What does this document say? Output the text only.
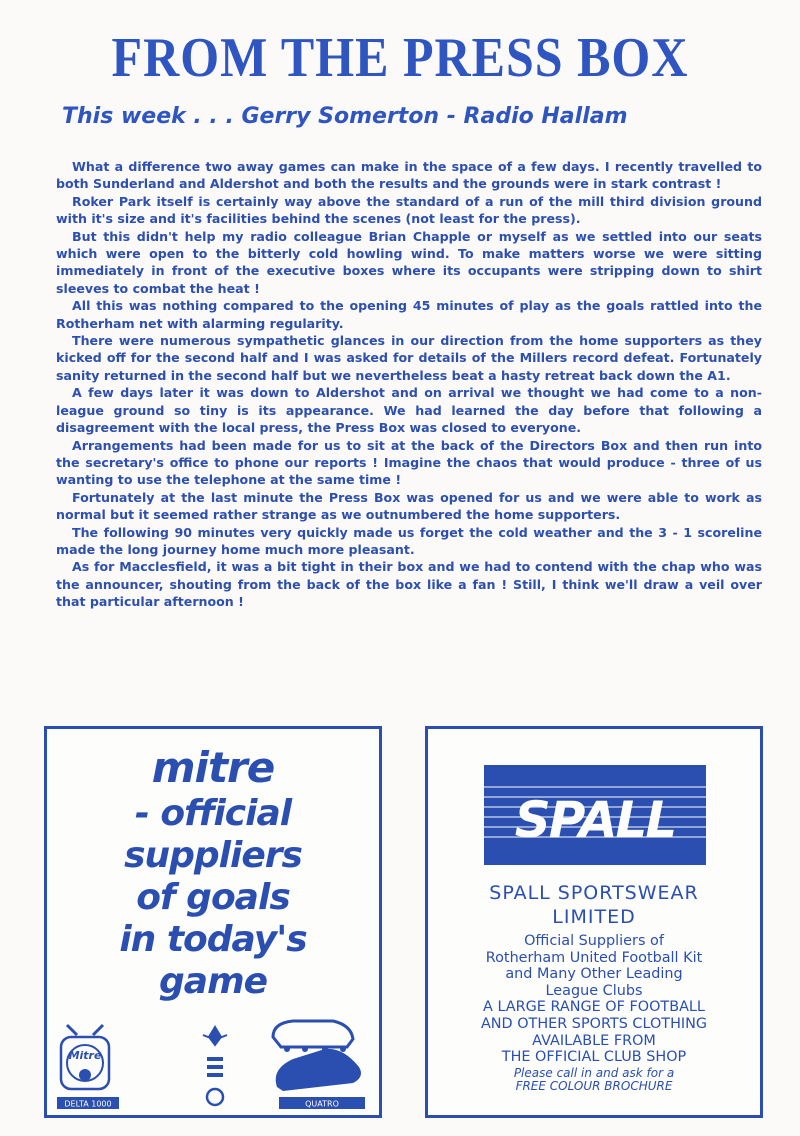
FROM THE PRESS BOX
This week . . . Gerry Somerton - Radio Hallam

What a difference two away games can make in the space of a few days. I recently travelled to both Sunderland and Aldershot and both the results and the grounds were in stark contrast !

Roker Park itself is certainly way above the standard of a run of the mill third division ground with it's size and it's facilities behind the scenes (not least for the press).

But this didn't help my radio colleague Brian Chapple or myself as we settled into our seats which were open to the bitterly cold howling wind. To make matters worse we were sitting immediately in front of the executive boxes where its occupants were stripping down to shirt sleeves to combat the heat !

All this was nothing compared to the opening 45 minutes of play as the goals rattled into the Rotherham net with alarming regularity.

There were numerous sympathetic glances in our direction from the home supporters as they kicked off for the second half and I was asked for details of the Millers record defeat. Fortunately sanity returned in the second half but we nevertheless beat a hasty retreat back down the A1.

A few days later it was down to Aldershot and on arrival we thought we had come to a non-league ground so tiny is its appearance. We had learned the day before that following a disagreement with the local press, the Press Box was closed to everyone.

Arrangements had been made for us to sit at the back of the Directors Box and then run into the secretary's office to phone our reports ! Imagine the chaos that would produce - three of us wanting to use the telephone at the same time !

Fortunately at the last minute the Press Box was opened for us and we were able to work as normal but it seemed rather strange as we outnumbered the home supporters.

The following 90 minutes very quickly made us forget the cold weather and the 3 - 1 scoreline made the long journey home much more pleasant.

As for Macclesfield, it was a bit tight in their box and we had to contend with the chap who was the announcer, shouting from the back of the box like a fan ! Still, I think we'll draw a veil over that particular afternoon !

mitre
- official
suppliers
of goals
in today's
game
Mitre
DELTA 1000	QUATRO
SPALL
SPALL SPORTSWEAR
LIMITED
Official Suppliers of
Rotherham United Football Kit
and Many Other Leading
League Clubs
A LARGE RANGE OF FOOTBALL
AND OTHER SPORTS CLOTHING
AVAILABLE FROM
THE OFFICIAL CLUB SHOP
Please call in and ask for a
FREE COLOUR BROCHURE
